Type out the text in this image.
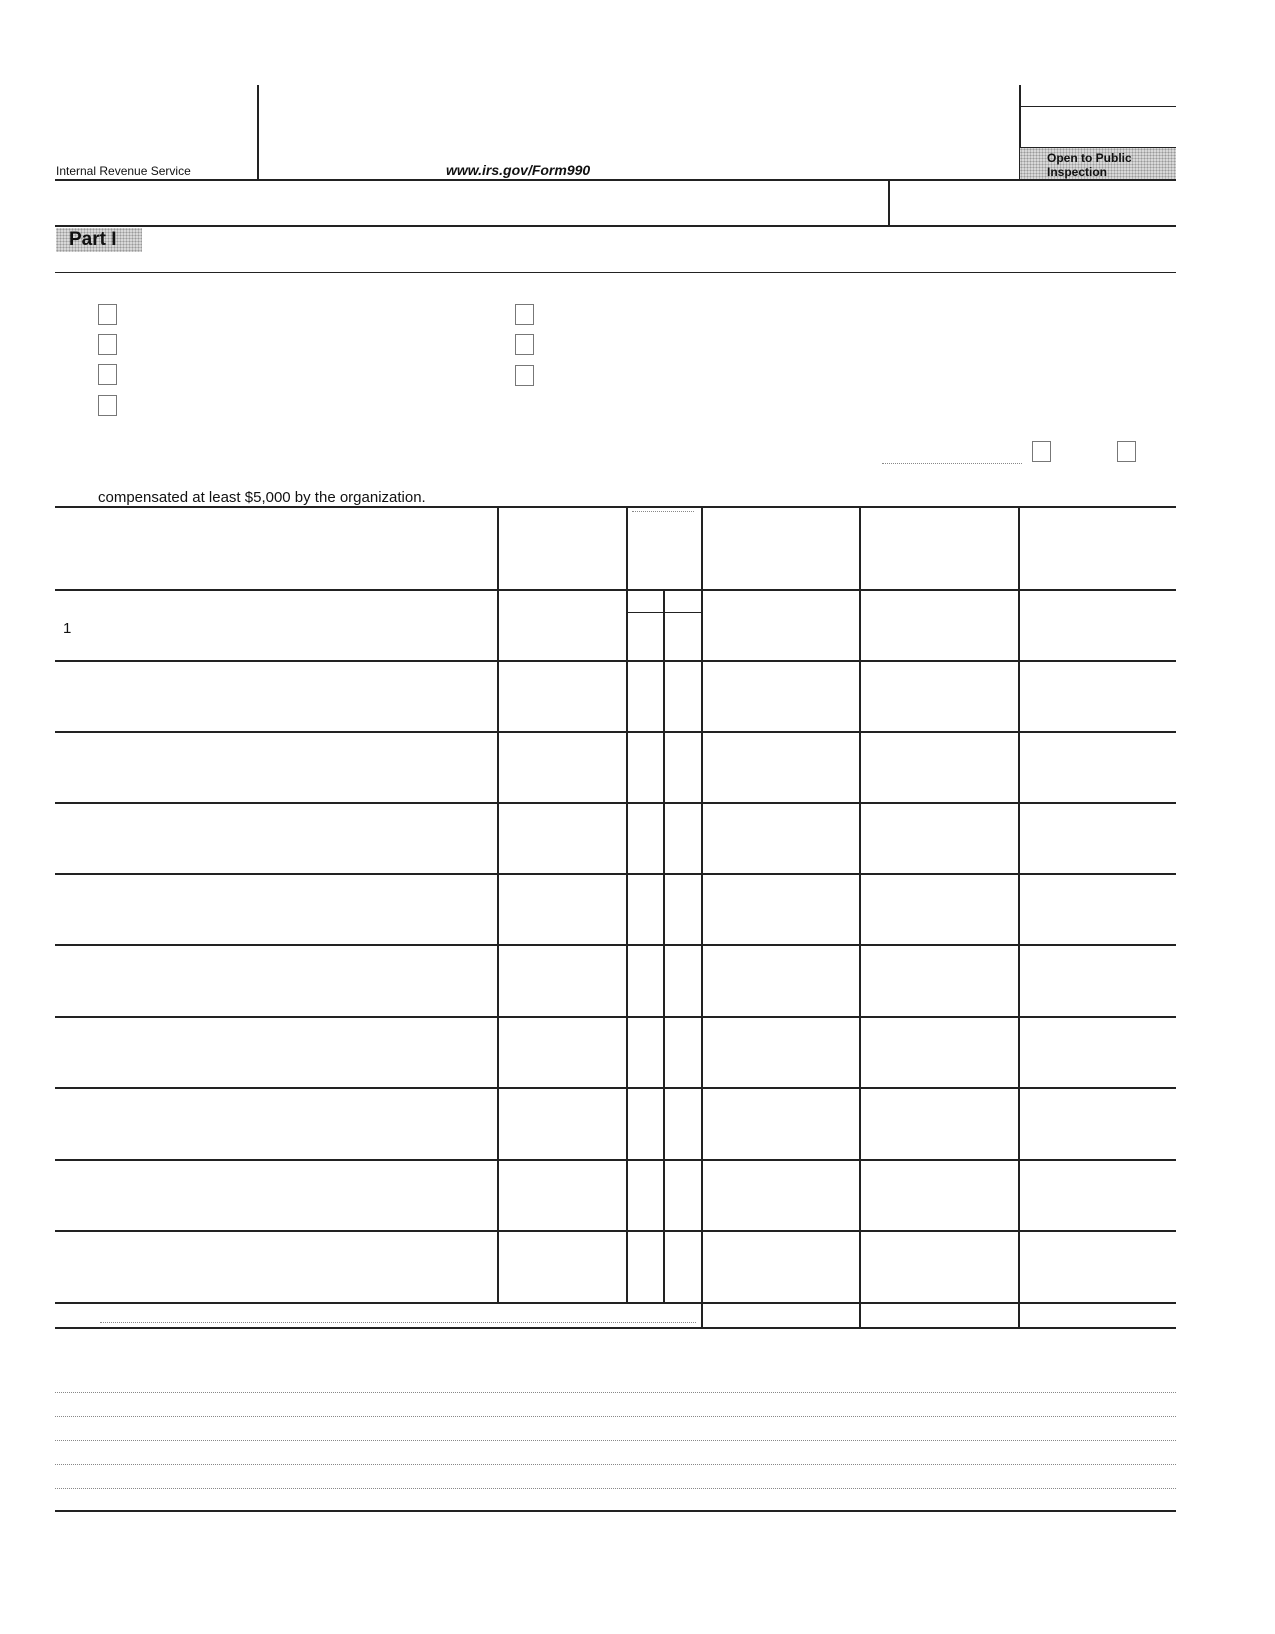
Internal Revenue Service	www.irs.gov/Form990
Open to Public
Inspection
Part I
compensated at least $5,000 by the organization.
1
